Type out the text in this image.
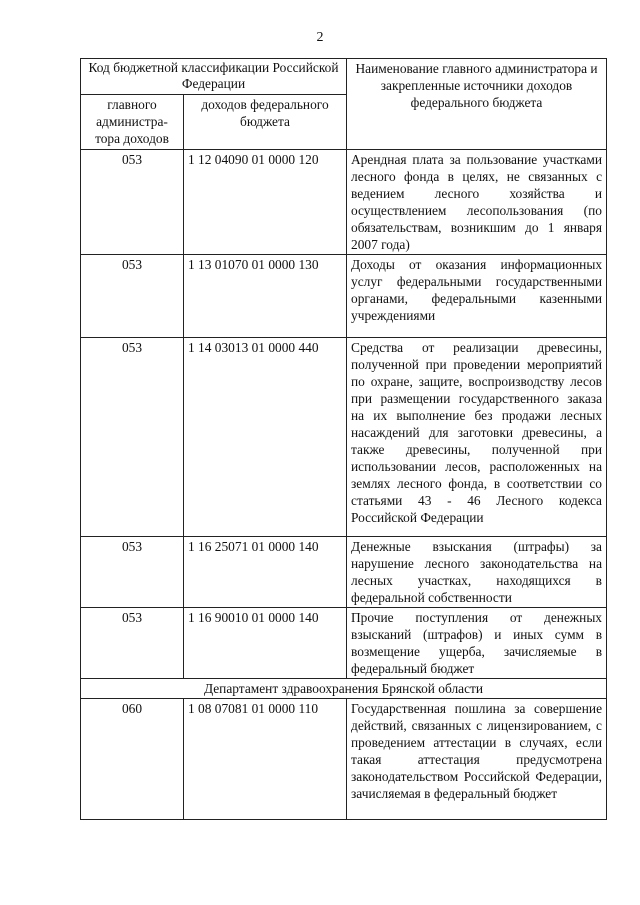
2
Код бюджетной классификации Российской Федерации		Наименование главного администратора и закрепленные источники доходов федерального бюджета
главного администра-тора доходов	доходов федерального бюджета	
053	1 12 04090 01 0000 120	Арендная плата за пользование участками лесного фонда в целях, не связанных с ведением лесного хозяйства и осуществлением лесопользования (по обязательствам, возникшим до 1 января 2007 года)
053	1 13 01070 01 0000 130	Доходы от оказания информационных услуг федеральными государственными органами, федеральными казенными учреждениями
053	1 14 03013 01 0000 440	Средства от реализации древесины, полученной при проведении мероприятий по охране, защите, воспроизводству лесов при размещении государственного заказа на их выполнение без продажи лесных насаждений для заготовки древесины, а также древесины, полученной при использовании лесов, расположенных на землях лесного фонда, в соответствии со статьями 43 - 46 Лесного кодекса Российской Федерации
053	1 16 25071 01 0000 140	Денежные взыскания (штрафы) за нарушение лесного законодательства на лесных участках, находящихся в федеральной собственности
053	1 16 90010 01 0000 140	Прочие поступления от денежных взысканий (штрафов) и иных сумм в возмещение ущерба, зачисляемые в федеральный бюджет
Департамент здравоохранения Брянской области		
060	1 08 07081 01 0000 110	Государственная пошлина за совершение действий, связанных с лицензированием, с проведением аттестации в случаях, если такая аттестация предусмотрена законодательством Российской Федерации, зачисляемая в федеральный бюджет
